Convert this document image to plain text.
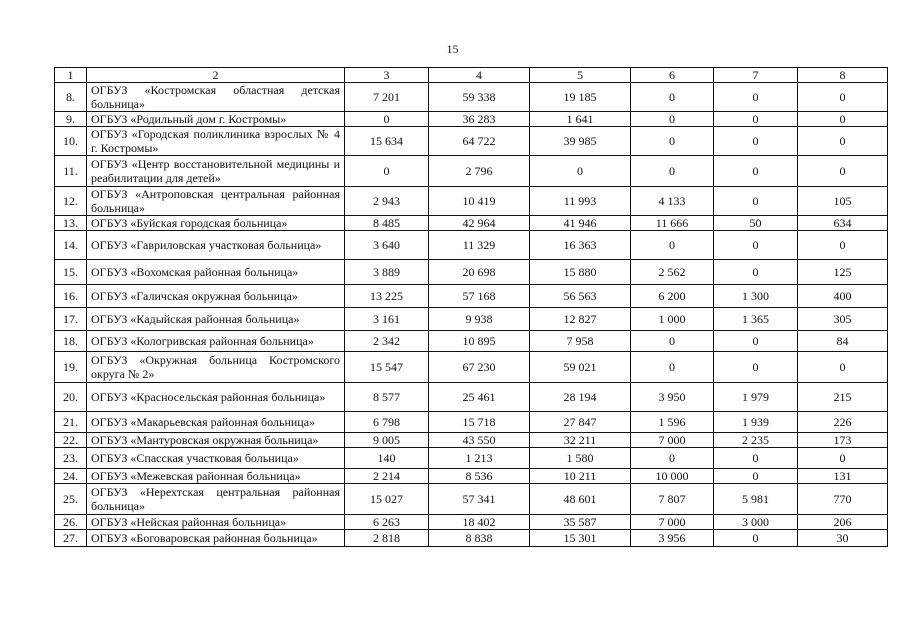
15
1	2	3	4	5	6	7	8
8.	ОГБУЗ «Костромская областная детская больница»	7 201	59 338	19 185	0	0	0
9.	ОГБУЗ «Родильный дом г. Костромы»	0	36 283	1 641	0	0	0
10.	ОГБУЗ «Городская поликлиника взрослых № 4 г. Костромы»	15 634	64 722	39 985	0	0	0
11.	ОГБУЗ «Центр восстановительной медицины и реабилитации для детей»	0	2 796	0	0	0	0
12.	ОГБУЗ «Антроповская центральная районная больница»	2 943	10 419	11 993	4 133	0	105
13.	ОГБУЗ «Буйская городская больница»	8 485	42 964	41 946	11 666	50	634
14.	ОГБУЗ «Гавриловская участковая больница»	3 640	11 329	16 363	0	0	0
15.	ОГБУЗ «Вохомская районная больница»	3 889	20 698	15 880	2 562	0	125
16.	ОГБУЗ «Галичская окружная больница»	13 225	57 168	56 563	6 200	1 300	400
17.	ОГБУЗ «Кадыйская районная больница»	3 161	9 938	12 827	1 000	1 365	305
18.	ОГБУЗ «Кологривская районная больница»	2 342	10 895	7 958	0	0	84
19.	ОГБУЗ «Окружная больница Костромского округа № 2»	15 547	67 230	59 021	0	0	0
20.	ОГБУЗ «Красносельская районная больница»	8 577	25 461	28 194	3 950	1 979	215
21.	ОГБУЗ «Макарьевская районная больница»	6 798	15 718	27 847	1 596	1 939	226
22.	ОГБУЗ «Мантуровская окружная больница»	9 005	43 550	32 211	7 000	2 235	173
23.	ОГБУЗ «Спасская участковая больница»	140	1 213	1 580	0	0	0
24.	ОГБУЗ «Межевская районная больница»	2 214	8 536	10 211	10 000	0	131
25.	ОГБУЗ «Нерехтская центральная районная больница»	15 027	57 341	48 601	7 807	5 981	770
26.	ОГБУЗ «Нейская районная больница»	6 263	18 402	35 587	7 000	3 000	206
27.	ОГБУЗ «Боговаровская районная больница»	2 818	8 838	15 301	3 956	0	30
